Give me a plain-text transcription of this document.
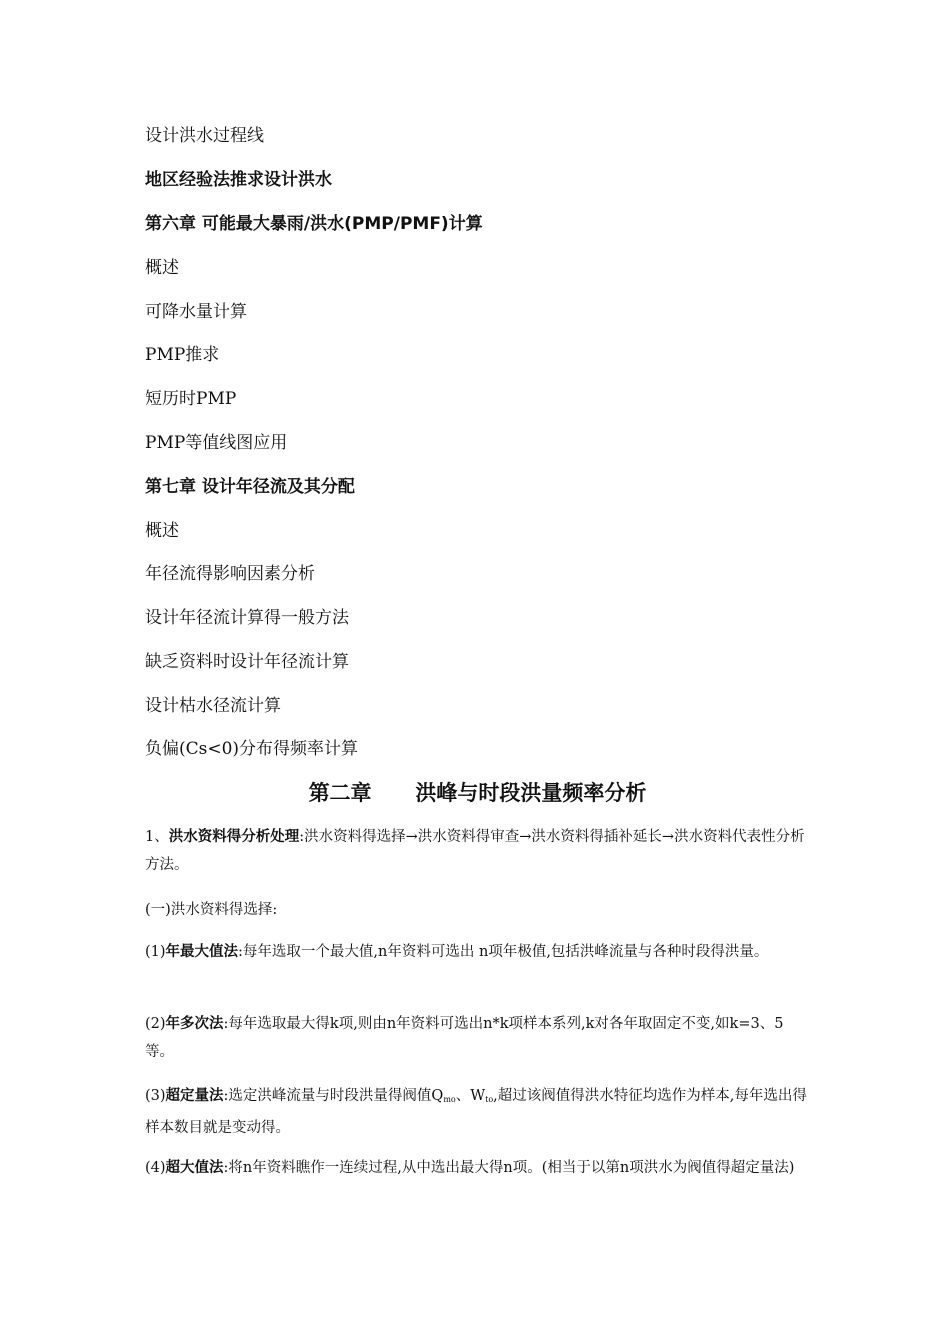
设计洪水过程线
地区经验法推求设计洪水
第六章 可能最大暴雨/洪水(PMP/PMF)计算
概述
可降水量计算
PMP推求
短历时PMP
PMP等值线图应用
第七章 设计年径流及其分配
概述
年径流得影响因素分析
设计年径流计算得一般方法
缺乏资料时设计年径流计算
设计枯水径流计算
负偏(Cs<0)分布得频率计算
第二章      洪峰与时段洪量频率分析
1、洪水资料得分析处理:洪水资料得选择→洪水资料得审查→洪水资料得插补延长→洪水资料代表性分析方法。
(一)洪水资料得选择:
(1)年最大值法:每年选取一个最大值,n年资料可选出 n项年极值,包括洪峰流量与各种时段得洪量。
(2)年多次法:每年选取最大得k项,则由n年资料可选出n*k项样本系列,k对各年取固定不变,如k=3、5等。
(3)超定量法:选定洪峰流量与时段洪量得阀值$Q_{mo}$、$W_{to}$,超过该阀值得洪水特征均选作为样本,每年选出得样本数目就是变动得。
(4)超大值法:将n年资料瞧作一连续过程,从中选出最大得n项。(相当于以第n项洪水为阀值得超定量法)
